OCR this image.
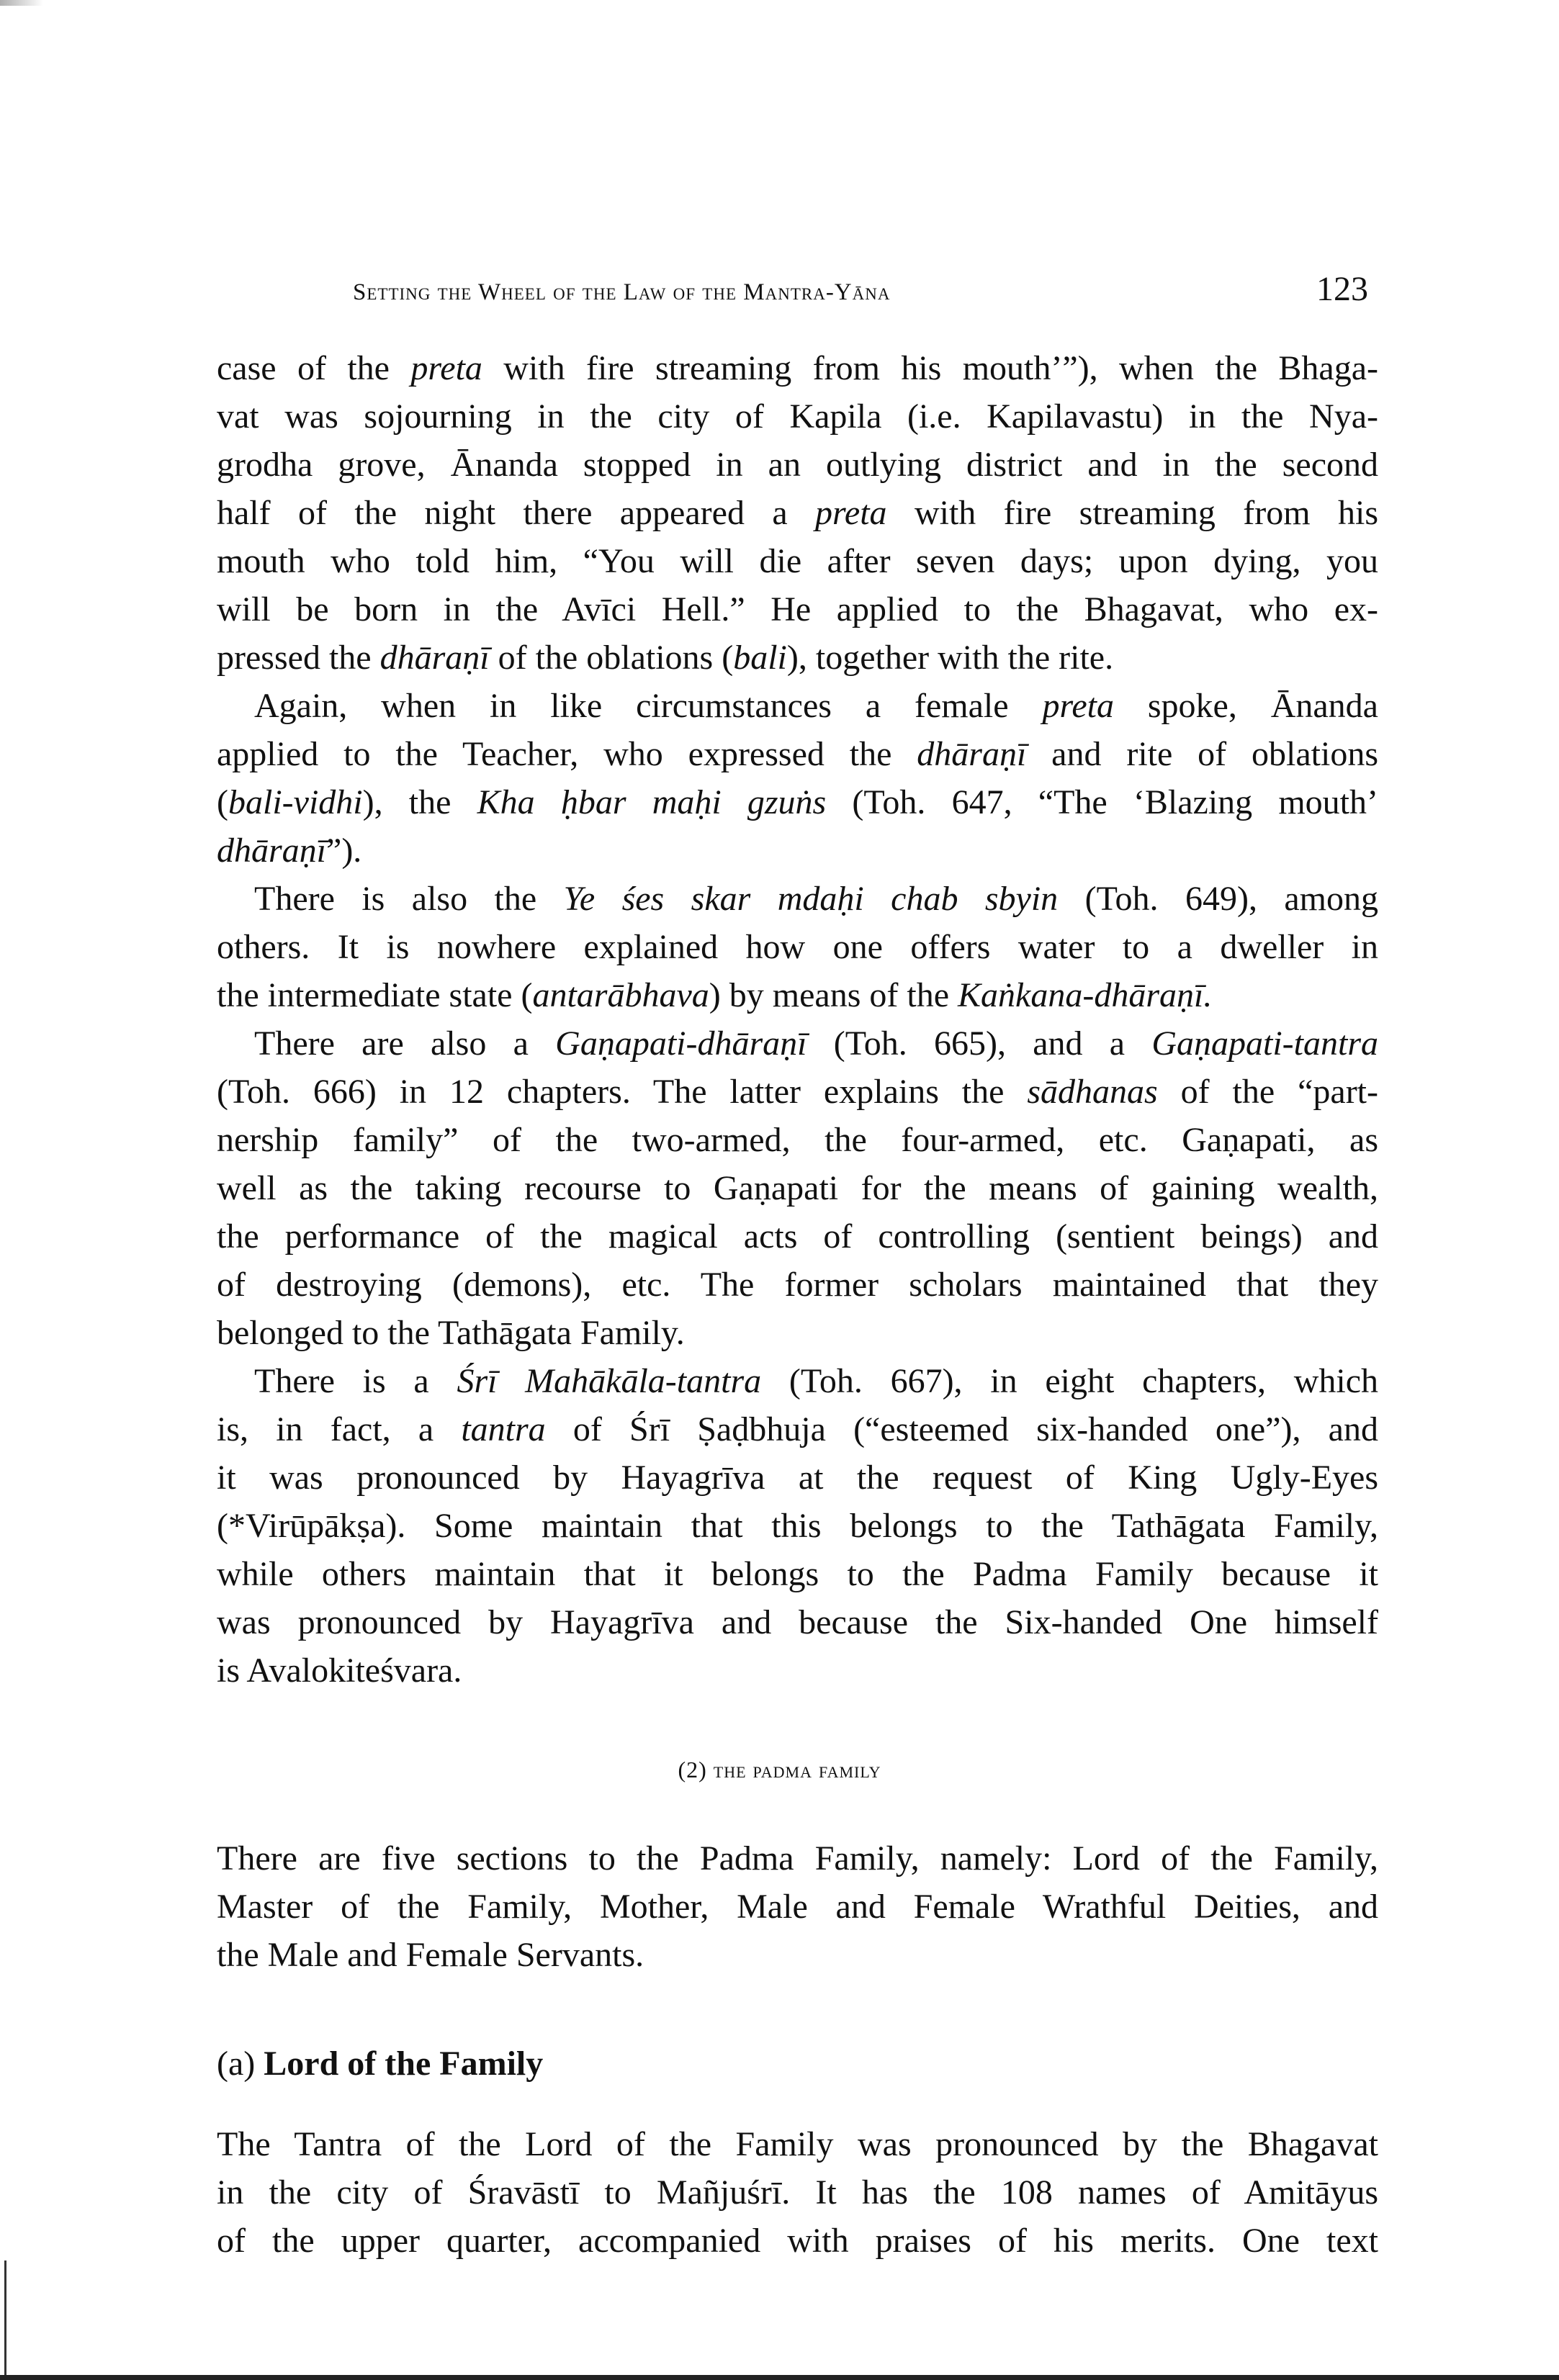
Setting the Wheel of the Law of the Mantra-Yāna	123
case of the preta with fire streaming from his mouth’”), when the Bhaga-
vat was sojourning in the city of Kapila (i.e. Kapilavastu) in the Nya-
grodha grove, Ānanda stopped in an outlying district and in the second
half of the night there appeared a preta with fire streaming from his
mouth who told him, “You will die after seven days; upon dying, you
will be born in the Avīci Hell.” He applied to the Bhagavat, who ex-
pressed the dhāraṇī of the oblations (bali), together with the rite.
Again, when in like circumstances a female preta spoke, Ānanda
applied to the Teacher, who expressed the dhāraṇī and rite of oblations
(bali-vidhi), the Kha ḥbar maḥi gzuṅs (Toh. 647, “The ‘Blazing mouth’
dhāraṇī”).
There is also the Ye śes skar mdaḥi chab sbyin (Toh. 649), among
others. It is nowhere explained how one offers water to a dweller in
the intermediate state (antarābhava) by means of the Kaṅkana-dhāraṇī.
There are also a Gaṇapati-dhāraṇī (Toh. 665), and a Gaṇapati-tantra
(Toh. 666) in 12 chapters. The latter explains the sādhanas of the “part-
nership family” of the two-armed, the four-armed, etc. Gaṇapati, as
well as the taking recourse to Gaṇapati for the means of gaining wealth,
the performance of the magical acts of controlling (sentient beings) and
of destroying (demons), etc. The former scholars maintained that they
belonged to the Tathāgata Family.
There is a Śrī Mahākāla-tantra (Toh. 667), in eight chapters, which
is, in fact, a tantra of Śrī Ṣaḍbhuja (“esteemed six-handed one”), and
it was pronounced by Hayagrīva at the request of King Ugly-Eyes
(*Virūpākṣa). Some maintain that this belongs to the Tathāgata Family,
while others maintain that it belongs to the Padma Family because it
was pronounced by Hayagrīva and because the Six-handed One himself
is Avalokiteśvara.
(2) the padma family
There are five sections to the Padma Family, namely: Lord of the Family,
Master of the Family, Mother, Male and Female Wrathful Deities, and
the Male and Female Servants.
(a) Lord of the Family
The Tantra of the Lord of the Family was pronounced by the Bhagavat
in the city of Śravāstī to Mañjuśrī. It has the 108 names of Amitāyus
of the upper quarter, accompanied with praises of his merits. One text
